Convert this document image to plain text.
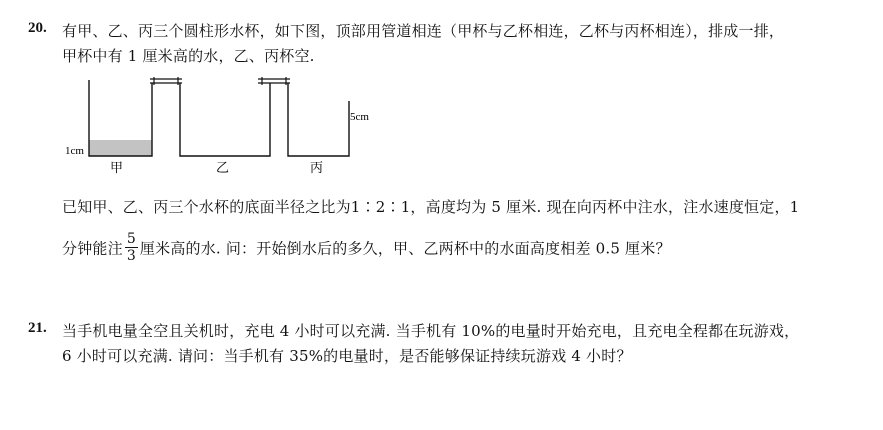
20. 有甲、乙、丙三个圆柱形水杯，如下图，顶部用管道相连（甲杯与乙杯相连，乙杯与丙杯相连），排成一排，
甲杯中有 1 厘米高的水，乙、丙杯空.
5cm
1cm
甲	乙	丙
已知甲、乙、丙三个水杯的底面半径之比为1∶2∶1，高度均为 5 厘米. 现在向丙杯中注水，注水速度恒定，1
分钟能注 $\frac{5}{3}$ 厘米高的水. 问：开始倒水后的多久，甲、乙两杯中的水面高度相差 0.5 厘米？
21. 当手机电量全空且关机时，充电 4 小时可以充满. 当手机有 10%的电量时开始充电，且充电全程都在玩游戏，
6 小时可以充满. 请问：当手机有 35%的电量时，是否能够保证持续玩游戏 4 小时？
